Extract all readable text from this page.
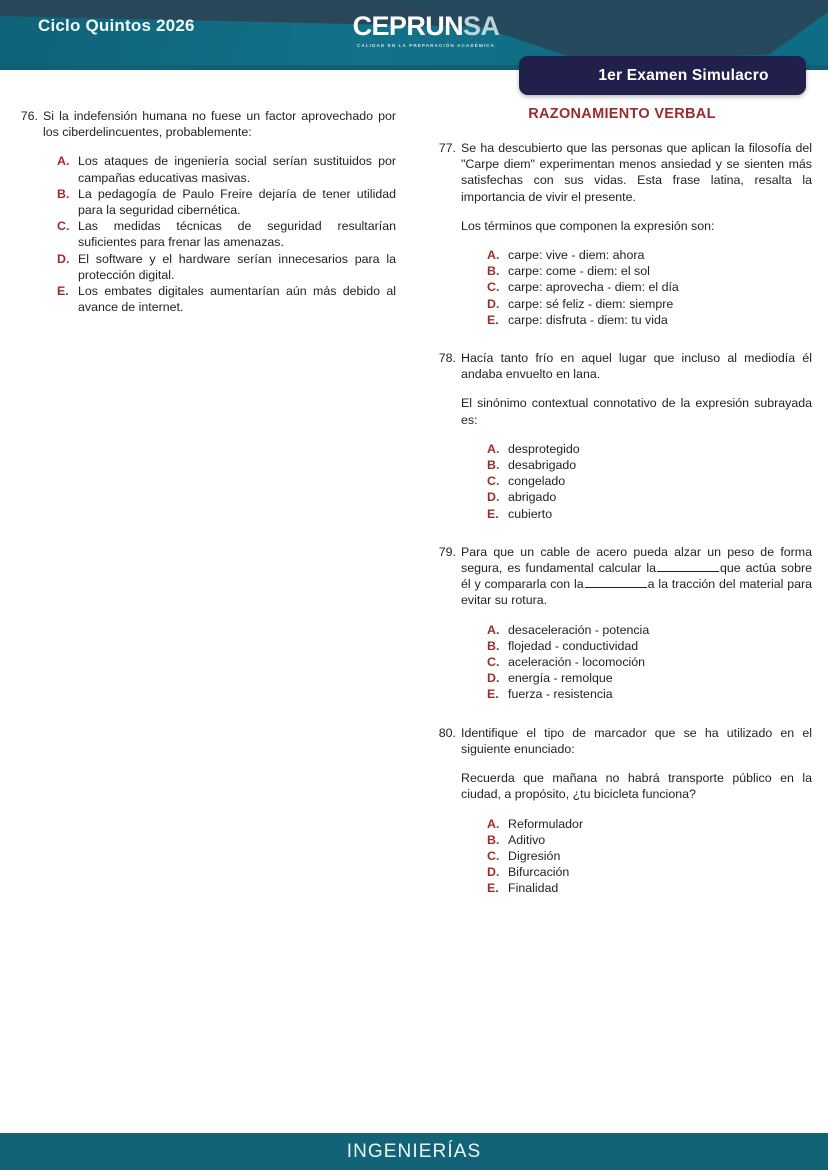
Ciclo Quintos 2026	CEPRUNSA
CALIDAD EN LA PREPARACIÓN ACADÉMICA
1er Examen Simulacro
76. Si la indefensión humana no fuese un factor aprovechado por los ciberdelincuentes, probablemente:
A. Los ataques de ingeniería social serían sustituidos por campañas educativas masivas.
B. La pedagogía de Paulo Freire dejaría de tener utilidad para la seguridad cibernética.
C. Las medidas técnicas de seguridad resultarían suficientes para frenar las amenazas.
D. El software y el hardware serían innecesarios para la protección digital.
E. Los embates digitales aumentarían aún más debido al avance de internet.
RAZONAMIENTO VERBAL
77. Se ha descubierto que las personas que aplican la filosofía del "Carpe diem" experimentan menos ansiedad y se sienten más satisfechas con sus vidas. Esta frase latina, resalta la importancia de vivir el presente.
Los términos que componen la expresión son:
A. carpe: vive - diem: ahora
B. carpe: come - diem: el sol
C. carpe: aprovecha - diem: el día
D. carpe: sé feliz - diem: siempre
E. carpe: disfruta - diem: tu vida
78. Hacía tanto frío en aquel lugar que incluso al mediodía él andaba envuelto en lana.
El sinónimo contextual connotativo de la expresión subrayada es:
A. desprotegido
B. desabrigado
C. congelado
D. abrigado
E. cubierto
79. Para que un cable de acero pueda alzar un peso de forma segura, es fundamental calcular la	que actúa sobre él y compararla con la	a la tracción del material para evitar su rotura.
A. desaceleración - potencia
B. flojedad - conductividad
C. aceleración - locomoción
D. energía - remolque
E. fuerza - resistencia
80. Identifique el tipo de marcador que se ha utilizado en el siguiente enunciado:
Recuerda que mañana no habrá transporte público en la ciudad, a propósito, ¿tu bicicleta funciona?
A. Reformulador
B. Aditivo
C. Digresión
D. Bifurcación
E. Finalidad
INGENIERÍAS
